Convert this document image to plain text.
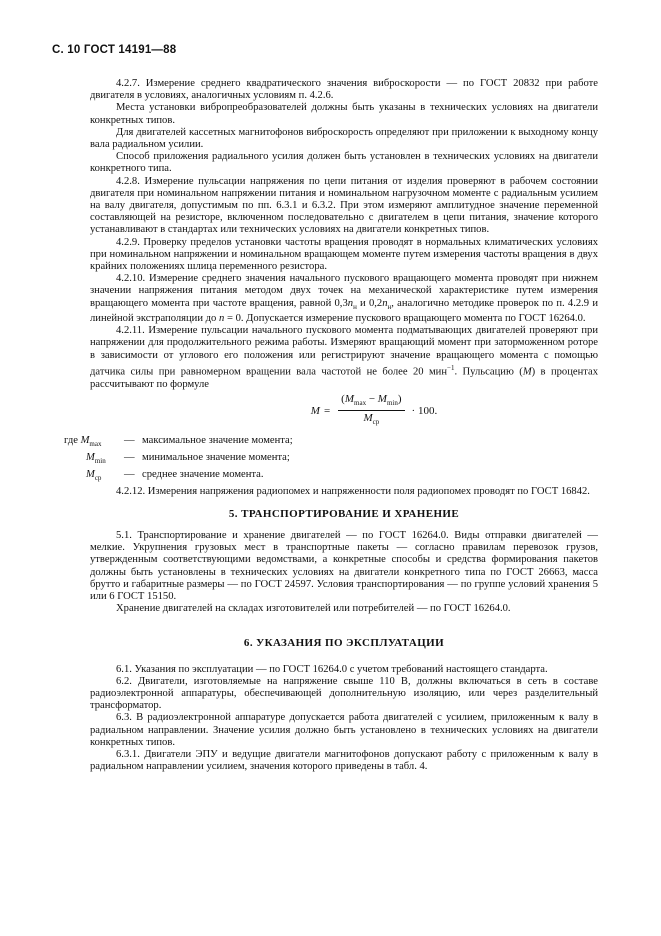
С. 10 ГОСТ 14191—88

4.2.7. Измерение среднего квадратического значения виброскорости — по ГОСТ 20832 при работе двигателя в условиях, аналогичных условиям п. 4.2.6.

Места установки вибропреобразователей должны быть указаны в технических условиях на двигатели конкретных типов.

Для двигателей кассетных магнитофонов виброскорость определяют при приложении к выходному концу вала радиальном усилии.

Способ приложения радиального усилия должен быть установлен в технических условиях на двигатели конкретного типа.

4.2.8. Измерение пульсации напряжения по цепи питания от изделия проверяют в рабочем состоянии двигателя при номинальном напряжении питания и номинальном нагрузочном моменте с радиальным усилием на валу двигателя, допустимым по пп. 6.3.1 и 6.3.2. При этом измеряют амплитудное значение переменной составляющей на резисторе, включенном последовательно с двигателем в цепи питания, значение которого устанавливают в стандартах или технических условиях на двигатели конкретных типов.

4.2.9. Проверку пределов установки частоты вращения проводят в нормальных климатических условиях при номинальном напряжении и номинальном вращающем моменте путем измерения частоты вращения в двух крайних положениях шлица переменного резистора.

4.2.10. Измерение среднего значения начального пускового вращающего момента проводят при нижнем значении напряжения питания методом двух точек на механической характеристике путем измерения вращающего момента при частоте вращения, равной $0,3n_н$ и $0,2n_н$, аналогично методике проверок по п. 4.2.9 и линейной экстраполяции до n = 0. Допускается измерение пускового вращающего момента по ГОСТ 16264.0.

4.2.11. Измерение пульсации начального пускового момента подматывающих двигателей проверяют при напряжении для продолжительного режима работы. Измеряют вращающий момент при заторможенном роторе в зависимости от углового его положения или регистрируют значение вращающего момента с помощью датчика силы при равномерном вращении вала частотой не более 20 мин$^{-1}$. Пульсацию (М) в процентах рассчитывают по формуле

$М = \frac{(М_{max} - М_{min})}{М_{ср}} \cdot 100$.
где $М_{max}$	— максимальное значение момента;
$М_{min}$	— минимальное значение момента;
$М_{ср}$	— среднее значение момента.

4.2.12. Измерения напряжения радиопомех и напряженности поля радиопомех проводят по ГОСТ 16842.

5. ТРАНСПОРТИРОВАНИЕ И ХРАНЕНИЕ

5.1. Транспортирование и хранение двигателей — по ГОСТ 16264.0. Виды отправки двигателей — мелкие. Укрупнения грузовых мест в транспортные пакеты — согласно правилам перевозок грузов, утвержденным соответствующими ведомствами, а конкретные способы и средства формирования пакетов должны быть установлены в технических условиях на двигатели конкретного типа по ГОСТ 26663, масса брутто и габаритные размеры — по ГОСТ 24597. Условия транспортирования — по группе условий хранения 5 или 6 ГОСТ 15150.

Хранение двигателей на складах изготовителей или потребителей — по ГОСТ 16264.0.

6. УКАЗАНИЯ ПО ЭКСПЛУАТАЦИИ

6.1. Указания по эксплуатации — по ГОСТ 16264.0 с учетом требований настоящего стандарта.

6.2. Двигатели, изготовляемые на напряжение свыше 110 В, должны включаться в сеть в составе радиоэлектронной аппаратуры, обеспечивающей дополнительную изоляцию, или через разделительный трансформатор.

6.3. В радиоэлектронной аппаратуре допускается работа двигателей с усилием, приложенным к валу в радиальном направлении. Значение усилия должно быть установлено в технических условиях на двигатели конкретных типов.

6.3.1. Двигатели ЭПУ и ведущие двигатели магнитофонов допускают работу с приложенным к валу в радиальном направлении усилием, значения которого приведены в табл. 4.
